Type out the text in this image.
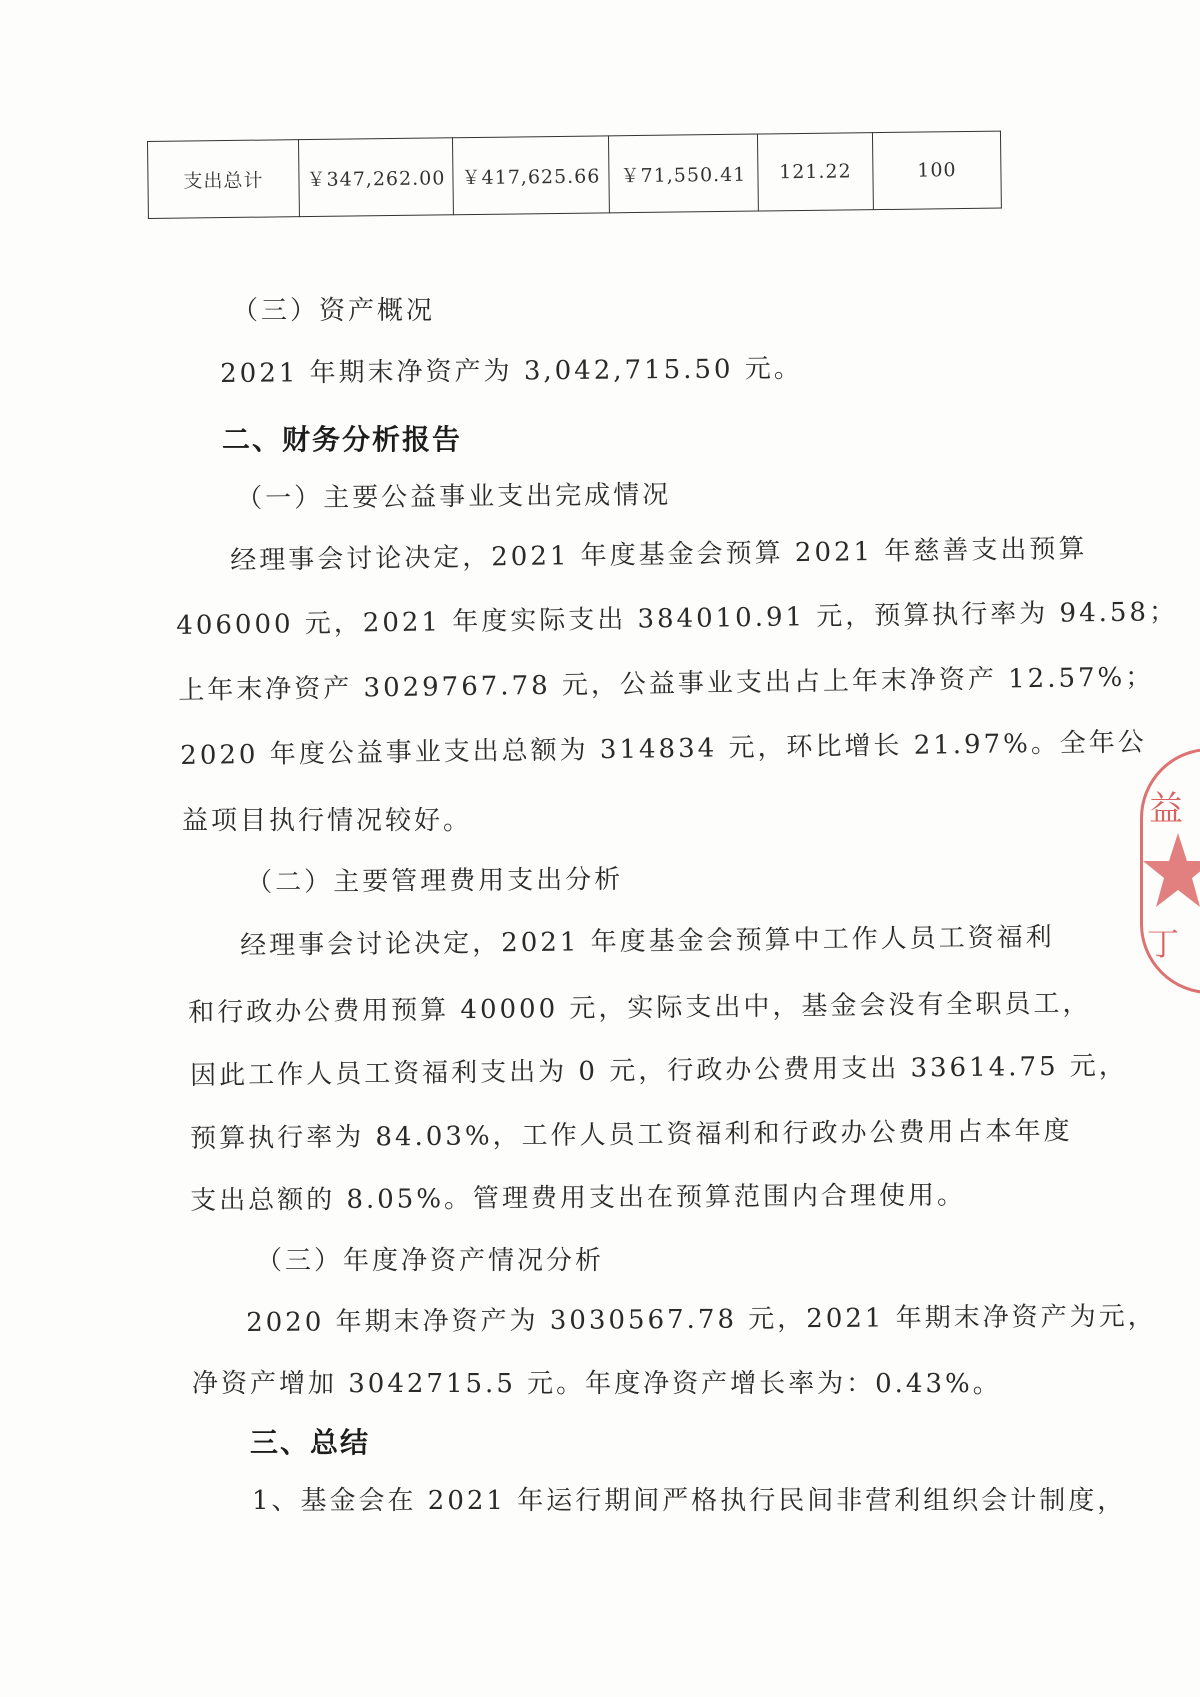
支出总计	￥347,262.00	￥417,625.66	￥71,550.41	121.22	100
（三）资产概况
2021 年期末净资产为 3,042,715.50 元。
二、财务分析报告
（一）主要公益事业支出完成情况
经理事会讨论决定，2021 年度基金会预算 2021 年慈善支出预算
406000 元，2021 年度实际支出 384010.91 元，预算执行率为 94.58；
上年末净资产 3029767.78 元，公益事业支出占上年末净资产 12.57%；
2020 年度公益事业支出总额为 314834 元，环比增长 21.97%。全年公
益项目执行情况较好。
（二）主要管理费用支出分析
经理事会讨论决定，2021 年度基金会预算中工作人员工资福利
和行政办公费用预算 40000 元，实际支出中，基金会没有全职员工，
因此工作人员工资福利支出为 0 元，行政办公费用支出 33614.75 元，
预算执行率为 84.03%，工作人员工资福利和行政办公费用占本年度
支出总额的 8.05%。管理费用支出在预算范围内合理使用。
（三）年度净资产情况分析
2020 年期末净资产为 3030567.78 元，2021 年期末净资产为元，
净资产增加 3042715.5 元。年度净资产增长率为：0.43%。
三、总结
1、基金会在 2021 年运行期间严格执行民间非营利组织会计制度，
益
丁
